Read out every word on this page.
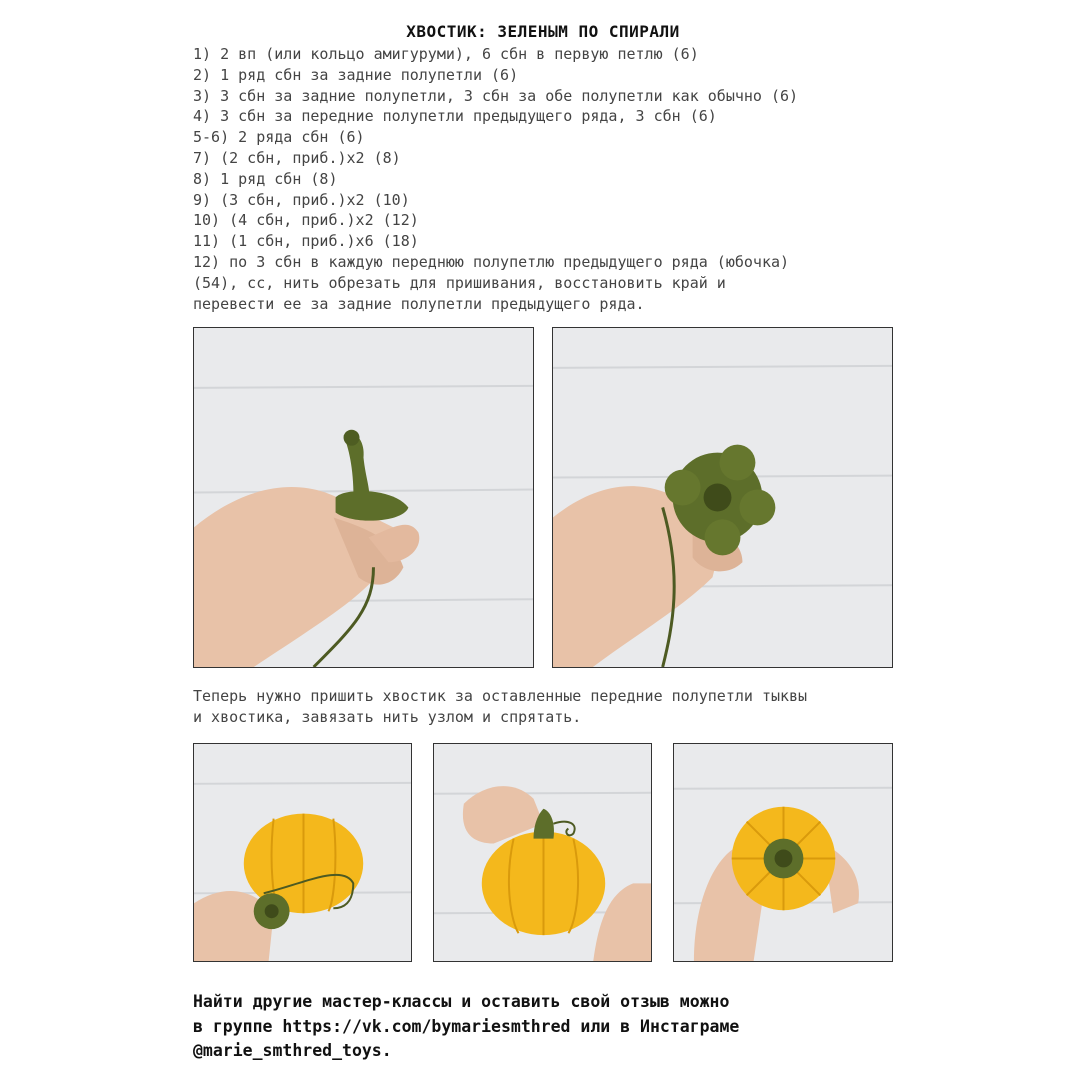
ХВОСТИК: ЗЕЛЕНЫМ ПО СПИРАЛИ
1) 2 вп (или кольцо амигуруми), 6 сбн в первую петлю (6)
2) 1 ряд сбн за задние полупетли (6)
3) 3 сбн за задние полупетли, 3 сбн за обе полупетли как обычно (6)
4) 3 сбн за передние полупетли предыдущего ряда, 3 сбн (6)
5-6) 2 ряда сбн (6)
7) (2 сбн, приб.)х2 (8)
8) 1 ряд сбн (8)
9) (3 сбн, приб.)х2 (10)
10) (4 сбн, приб.)х2 (12)
11) (1 сбн, приб.)х6 (18)
12) по 3 сбн в каждую переднюю полупетлю предыдущего ряда (юбочка)
(54), сс, нить обрезать для пришивания, восстановить край и
перевести ее за задние полупетли предыдущего ряда.
Теперь нужно пришить хвостик за оставленные передние полупетли тыквы
и хвостика, завязать нить узлом и спрятать.
Найти другие мастер-классы и оставить свой отзыв можно
в группе https://vk.com/bymariesmthred или в Инстаграме
@marie_smthred_toys.
